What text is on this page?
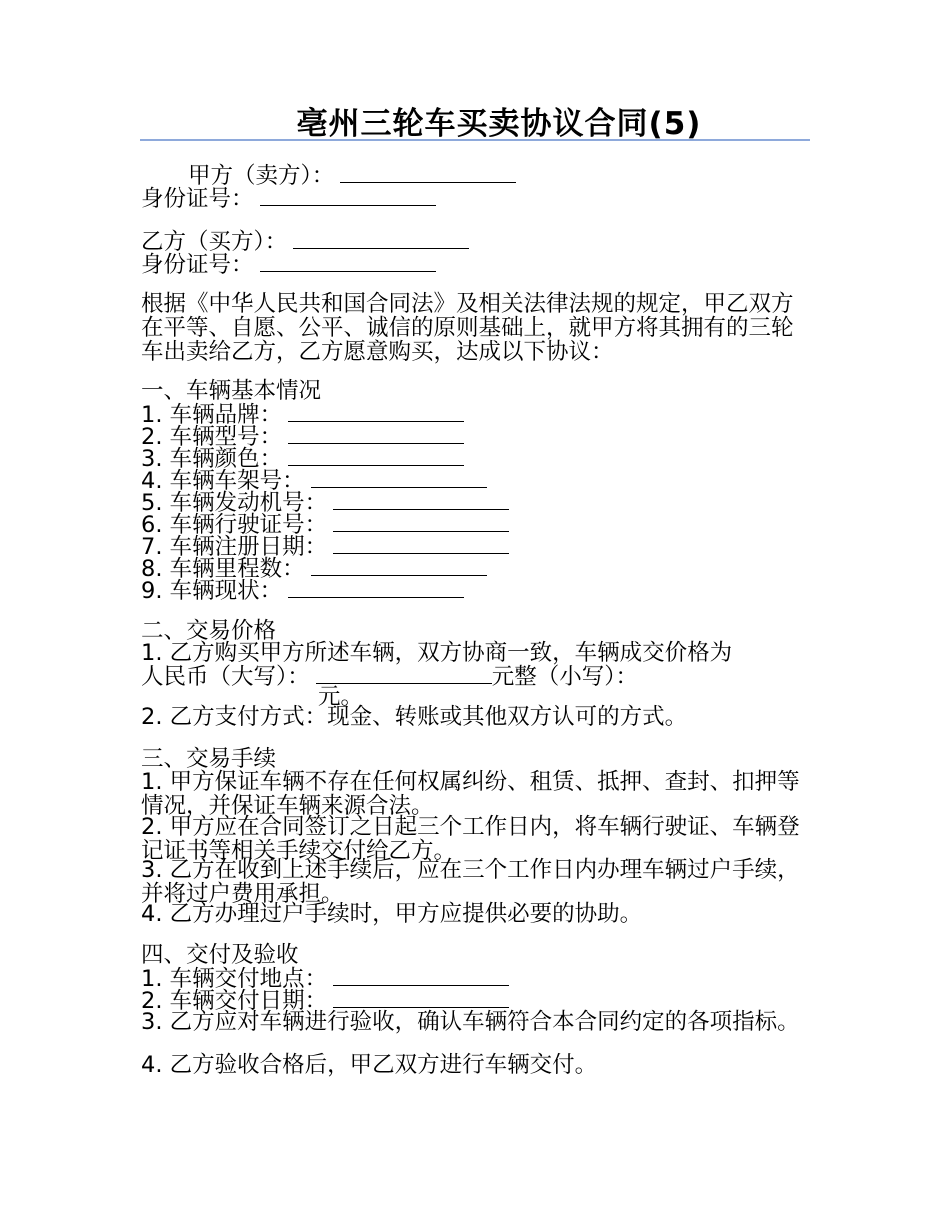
亳州三轮车买卖协议合同(5)

甲方（卖方）：

身份证号：

乙方（买方）：

身份证号：

根据《中华人民共和国合同法》及相关法律法规的规定，甲乙双方在平等、自愿、公平、诚信的原则基础上，就甲方将其拥有的三轮车出卖给乙方，乙方愿意购买，达成以下协议：

一、车辆基本情况

1. 车辆品牌：

2. 车辆型号：

3. 车辆颜色：

4. 车辆车架号：

5. 车辆发动机号：

6. 车辆行驶证号：

7. 车辆注册日期：

8. 车辆里程数：

9. 车辆现状：

二、交易价格

1. 乙方购买甲方所述车辆，双方协商一致，车辆成交价格为

人民币（大写）：	元整（小写）：

元。

2. 乙方支付方式：现金、转账或其他双方认可的方式。

三、交易手续

1. 甲方保证车辆不存在任何权属纠纷、租赁、抵押、查封、扣押等情况，并保证车辆来源合法。

2. 甲方应在合同签订之日起三个工作日内，将车辆行驶证、车辆登记证书等相关手续交付给乙方。

3. 乙方在收到上述手续后，应在三个工作日内办理车辆过户手续，并将过户费用承担。

4. 乙方办理过户手续时，甲方应提供必要的协助。

四、交付及验收

1. 车辆交付地点：

2. 车辆交付日期：

3. 乙方应对车辆进行验收，确认车辆符合本合同约定的各项指标。

4. 乙方验收合格后，甲乙双方进行车辆交付。
